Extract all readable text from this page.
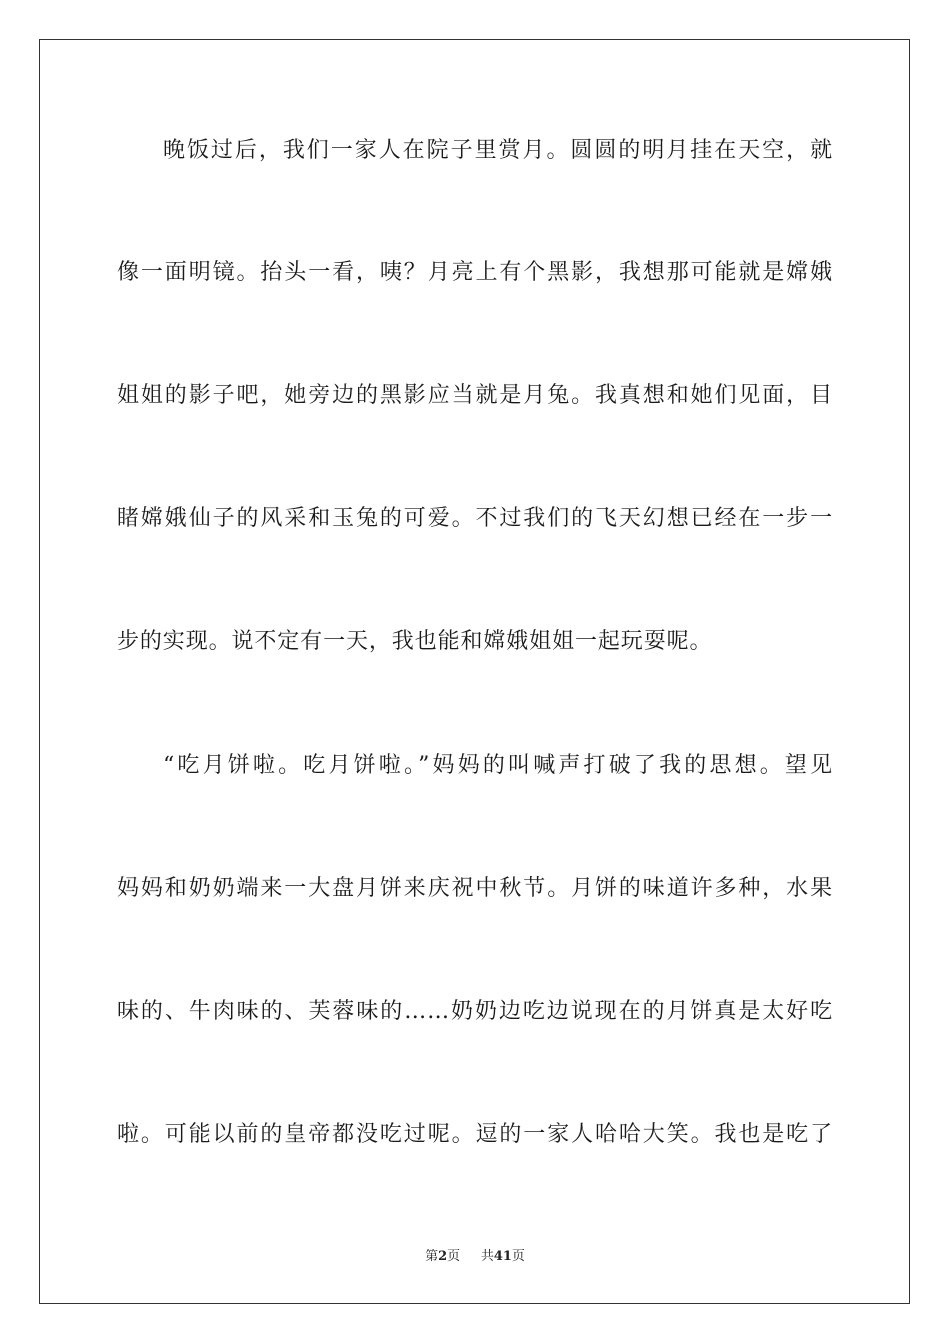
晚饭过后，我们一家人在院子里赏月。圆圆的明月挂在天空，就
像一面明镜。抬头一看，咦？月亮上有个黑影，我想那可能就是嫦娥
姐姐的影子吧，她旁边的黑影应当就是月兔。我真想和她们见面，目
睹嫦娥仙子的风采和玉兔的可爱。不过我们的飞天幻想已经在一步一
步的实现。说不定有一天，我也能和嫦娥姐姐一起玩耍呢。
“吃月饼啦。吃月饼啦。”妈妈的叫喊声打破了我的思想。望见
妈妈和奶奶端来一大盘月饼来庆祝中秋节。月饼的味道许多种，水果
味的、牛肉味的、芙蓉味的……奶奶边吃边说现在的月饼真是太好吃
啦。可能以前的皇帝都没吃过呢。逗的一家人哈哈大笑。我也是吃了
第2页 共41页
